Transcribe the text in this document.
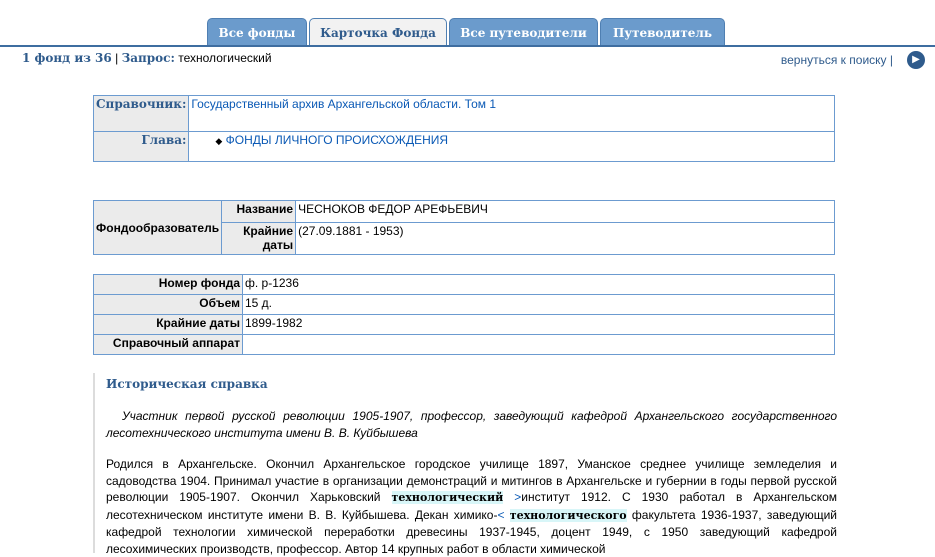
Все фонды	Карточка Фонда	Все путеводители	Путеводитель
1 фонд из 36 | Запрос: технологический	вернуться к поиску |	▶
Справочник:	Государственный архив Архангельской области. Том 1
Глава:	◆ ФОНДЫ ЛИЧНОГО ПРОИСХОЖДЕНИЯ
Фондообразователь	Название	ЧЕСНОКОВ ФЕДОР АРЕФЬЕВИЧ
	Крайние даты	(27.09.1881 - 1953)
Номер фонда	ф. р-1236
Объем	15 д.
Крайние даты	1899-1982
Справочный аппарат	
Историческая справка

Участник первой русской революции 1905-1907, профессор, заведующий кафедрой Архангельского государственного лесотехнического института имени В. В. Куйбышева

Родился в Архангельске. Окончил Архангельское городское училище 1897, Уманское среднее училище земледелия и садоводства 1904. Принимал участие в организации демонстраций и митингов в Архангельске и губернии в годы первой русской революции 1905-1907. Окончил Харьковский технологический >институт 1912. С 1930 работал в Архангельском лесотехническом институте имени В. В. Куйбышева. Декан химико-< технологического факультета 1936-1937, заведующий кафедрой технологии химической переработки древесины 1937-1945, доцент 1949, с 1950 заведующий кафедрой лесохимических производств, профессор. Автор 14 крупных работ в области химической
